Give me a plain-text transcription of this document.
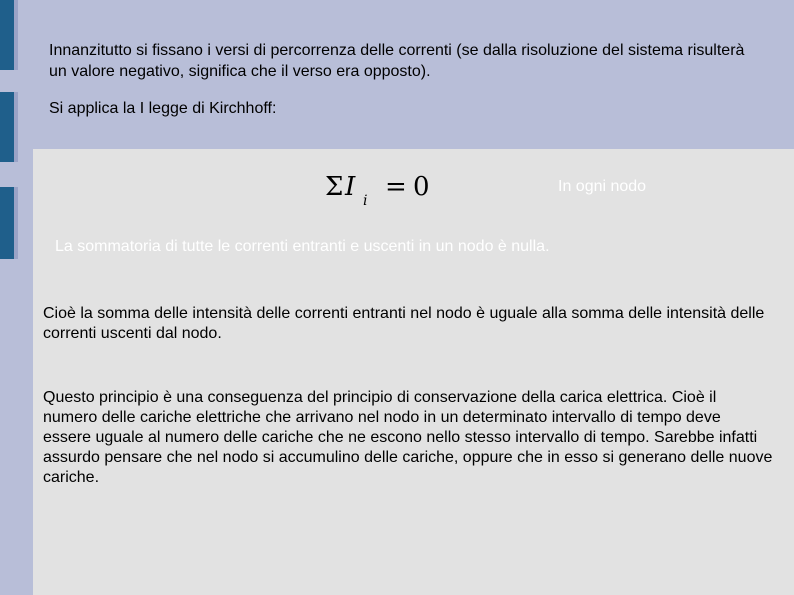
Innanzitutto si fissano i versi di percorrenza delle correnti (se dalla risoluzione del sistema risulterà un valore negativo, significa che il verso era opposto).

Si applica la I legge di Kirchhoff:

Σ I i = 0	In ogni nodo
La sommatoria di tutte le correnti entranti e uscenti in un nodo è nulla.

Cioè la somma delle intensità delle correnti entranti nel nodo è uguale alla somma delle intensità delle correnti uscenti dal nodo.

Questo principio è una conseguenza del principio di conservazione della carica elettrica. Cioè il numero delle cariche elettriche che arrivano nel nodo in un determinato intervallo di tempo deve essere uguale al numero delle cariche che ne escono nello stesso intervallo di tempo. Sarebbe infatti assurdo pensare che nel nodo si accumulino delle cariche, oppure che in esso si generano delle nuove cariche.
